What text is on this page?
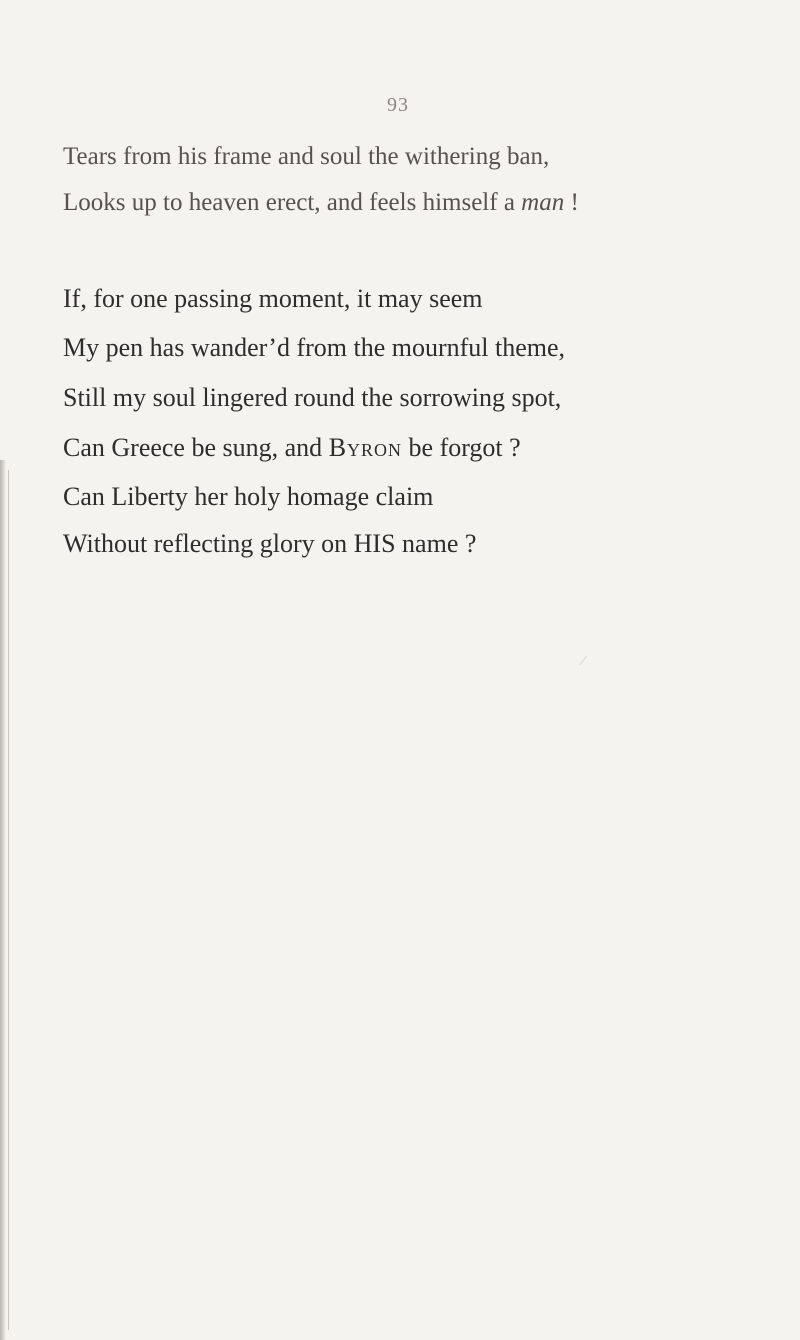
93
Tears from his frame and soul the withering ban,
Looks up to heaven erect, and feels himself a man !
If, for one passing moment, it may seem
My pen has wander’d from the mournful theme,
Still my soul lingered round the sorrowing spot,
Can Greece be sung, and Byron be forgot ?
Can Liberty her holy homage claim
Without reflecting glory on HIS name ?
⁄
